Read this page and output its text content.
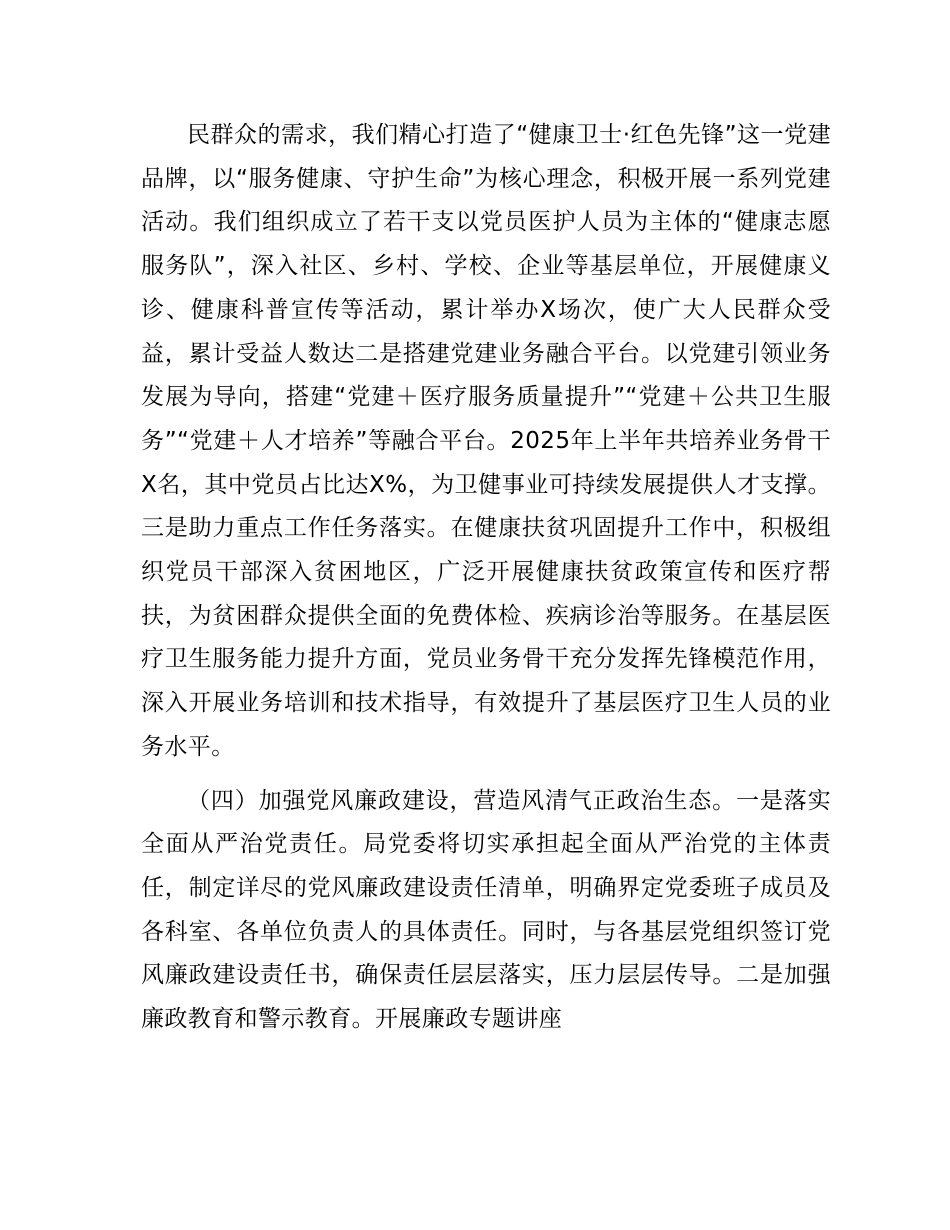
民群众的需求，我们精心打造了“健康卫士·红色先锋”这一党建品牌，以“服务健康、守护生命”为核心理念，积极开展一系列党建活动。我们组织成立了若干支以党员医护人员为主体的“健康志愿服务队”，深入社区、乡村、学校、企业等基层单位，开展健康义诊、健康科普宣传等活动，累计举办X场次，使广大人民群众受益，累计受益人数达二是搭建党建业务融合平台。以党建引领业务发展为导向，搭建“党建＋医疗服务质量提升”“党建＋公共卫生服务”“党建＋人才培养”等融合平台。2025年上半年共培养业务骨干X名，其中党员占比达X%，为卫健事业可持续发展提供人才支撑。三是助力重点工作任务落实。在健康扶贫巩固提升工作中，积极组织党员干部深入贫困地区，广泛开展健康扶贫政策宣传和医疗帮扶，为贫困群众提供全面的免费体检、疾病诊治等服务。在基层医疗卫生服务能力提升方面，党员业务骨干充分发挥先锋模范作用，深入开展业务培训和技术指导，有效提升了基层医疗卫生人员的业务水平。

（四）加强党风廉政建设，营造风清气正政治生态。一是落实全面从严治党责任。局党委将切实承担起全面从严治党的主体责任，制定详尽的党风廉政建设责任清单，明确界定党委班子成员及各科室、各单位负责人的具体责任。同时，与各基层党组织签订党风廉政建设责任书，确保责任层层落实，压力层层传导。二是加强廉政教育和警示教育。开展廉政专题讲座
